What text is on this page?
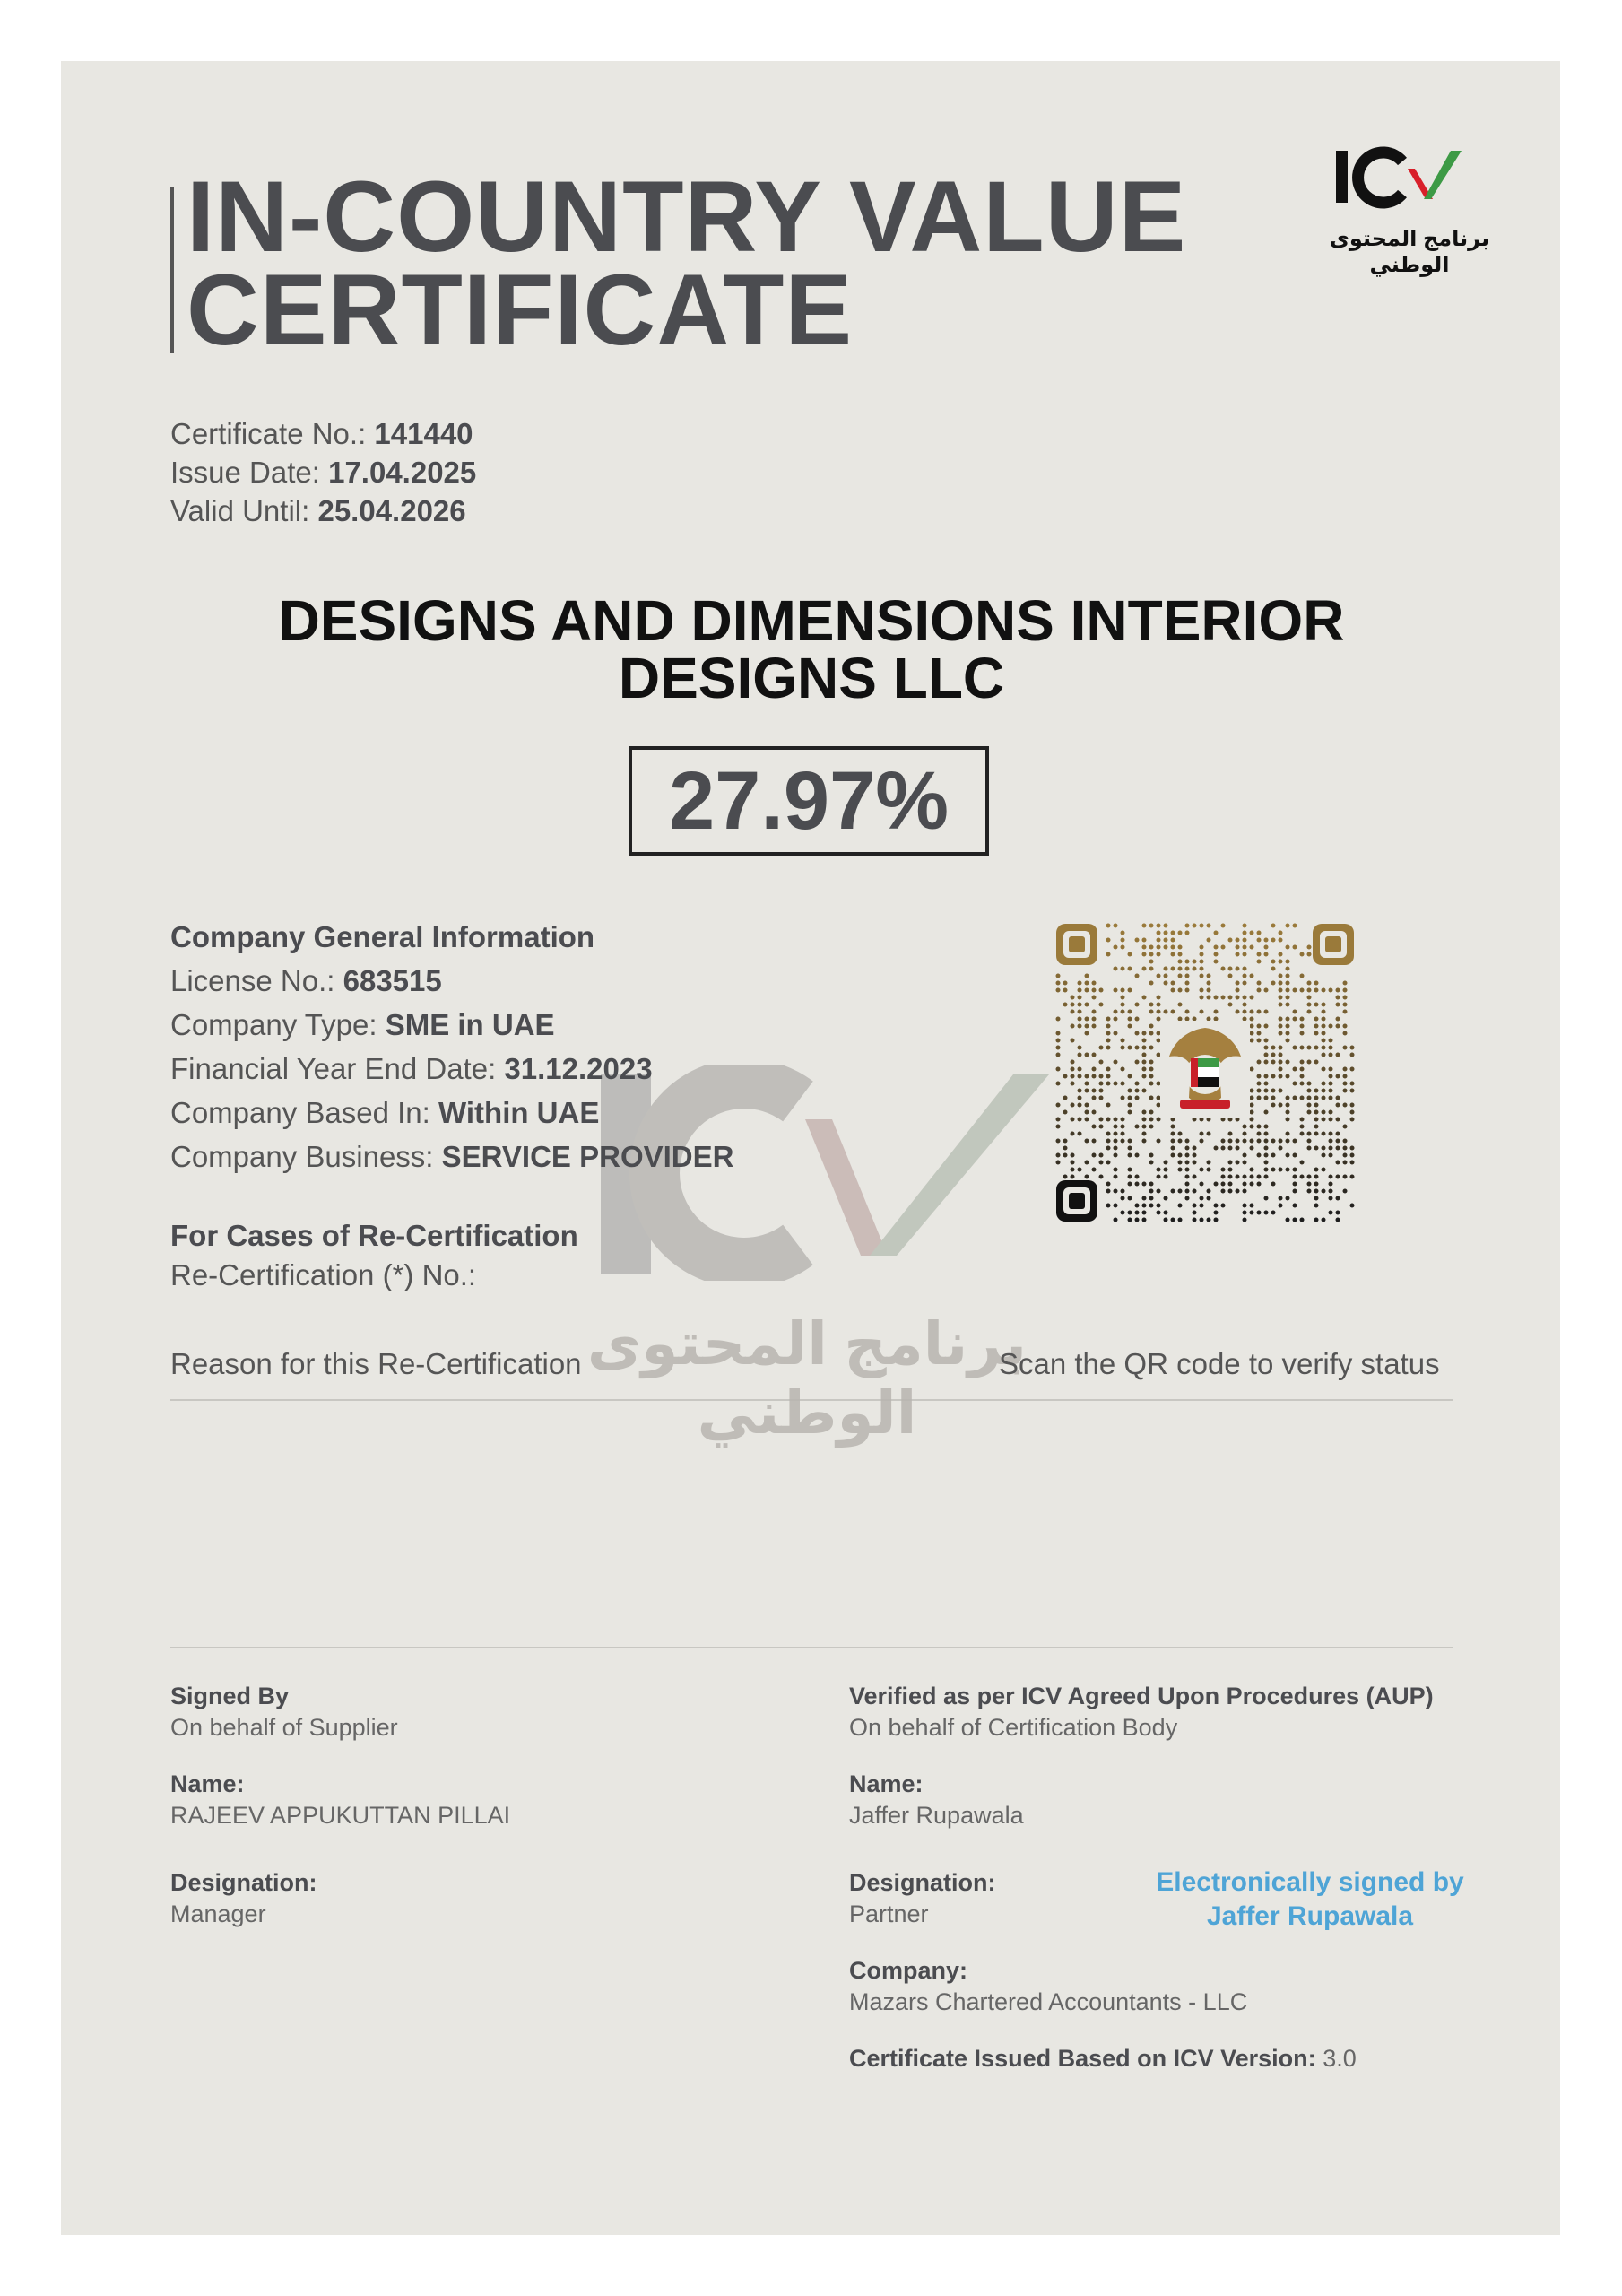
IN-COUNTRY VALUE
CERTIFICATE
برنامج المحتوى الوطني
Certificate No.: 141440
Issue Date: 17.04.2025
Valid Until: 25.04.2026
DESIGNS AND DIMENSIONS INTERIOR
DESIGNS LLC
27.97%
برنامج المحتوى الوطني
Company General Information
License No.: 683515
Company Type: SME in UAE
Financial Year End Date: 31.12.2023
Company Based In: Within UAE
Company Business: SERVICE PROVIDER
For Cases of Re-Certification
Re-Certification (*) No.:
Reason for this Re-Certification	Scan the QR code to verify status
Signed By
On behalf of Supplier
Name:
RAJEEV APPUKUTTAN PILLAI
Designation:
Manager
Verified as per ICV Agreed Upon Procedures (AUP)
On behalf of Certification Body
Name:
Jaffer Rupawala
Designation:
Partner
Company:
Mazars Chartered Accountants - LLC
Certificate Issued Based on ICV Version: 3.0
Electronically signed by
Jaffer Rupawala
